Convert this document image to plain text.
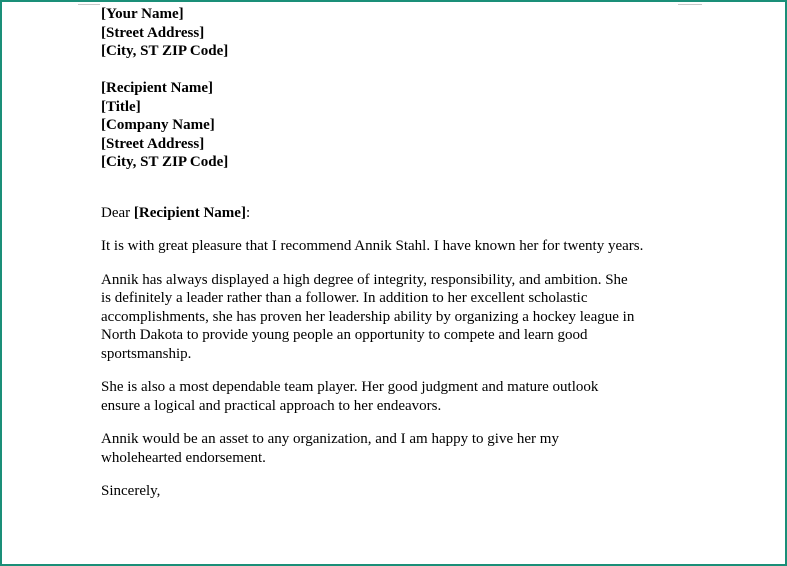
[Your Name]
[Street Address]
[City, ST ZIP Code]
[Recipient Name]
[Title]
[Company Name]
[Street Address]
[City, ST ZIP Code]

Dear [Recipient Name]:

It is with great pleasure that I recommend Annik Stahl. I have known her for twenty years.

Annik has always displayed a high degree of integrity, responsibility, and ambition. She
is definitely a leader rather than a follower. In addition to her excellent scholastic
accomplishments, she has proven her leadership ability by organizing a hockey league in
North Dakota to provide young people an opportunity to compete and learn good
sportsmanship.

She is also a most dependable team player. Her good judgment and mature outlook
ensure a logical and practical approach to her endeavors.

Annik would be an asset to any organization, and I am happy to give her my
wholehearted endorsement.

Sincerely,
